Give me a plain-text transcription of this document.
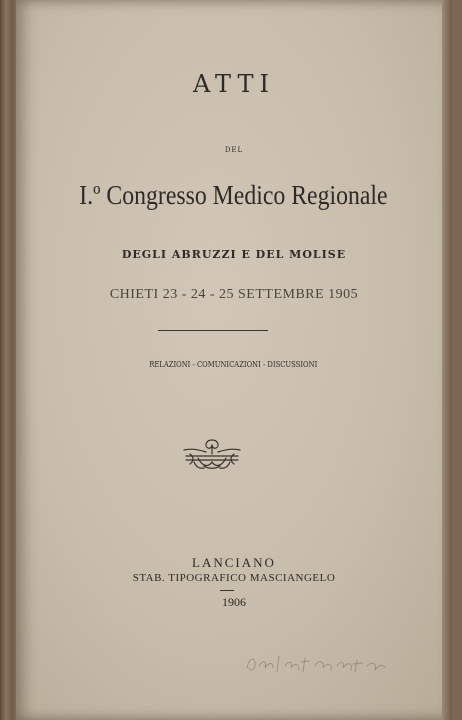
ATTI
DEL
I.º Congresso Medico Regionale
DEGLI ABRUZZI E DEL MOLISE
CHIETI 23 - 24 - 25 SETTEMBRE 1905
RELAZIONI - COMUNICAZIONI - DISCUSSIONI
LANCIANO
STAB. TIPOGRAFICO MASCIANGELO
1906
